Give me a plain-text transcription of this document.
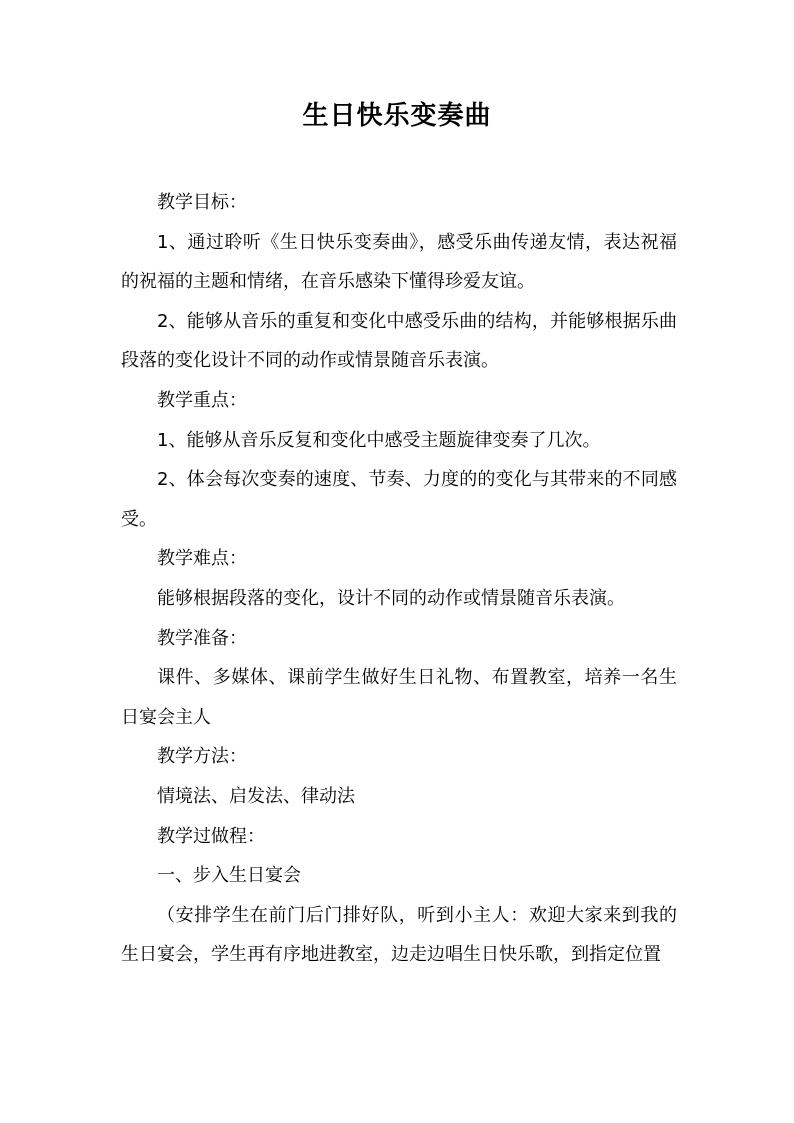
生日快乐变奏曲

教学目标：

1、通过聆听《生日快乐变奏曲》，感受乐曲传递友情，表达祝福的祝福的主题和情绪，在音乐感染下懂得珍爱友谊。

2、能够从音乐的重复和变化中感受乐曲的结构，并能够根据乐曲段落的变化设计不同的动作或情景随音乐表演。

教学重点：

1、能够从音乐反复和变化中感受主题旋律变奏了几次。

2、体会每次变奏的速度、节奏、力度的的变化与其带来的不同感受。

教学难点：

能够根据段落的变化，设计不同的动作或情景随音乐表演。

教学准备：

课件、多媒体、课前学生做好生日礼物、布置教室，培养一名生日宴会主人

教学方法：

情境法、启发法、律动法

教学过做程：

一、步入生日宴会

（安排学生在前门后门排好队，听到小主人：欢迎大家来到我的生日宴会，学生再有序地进教室，边走边唱生日快乐歌，到指定位置
